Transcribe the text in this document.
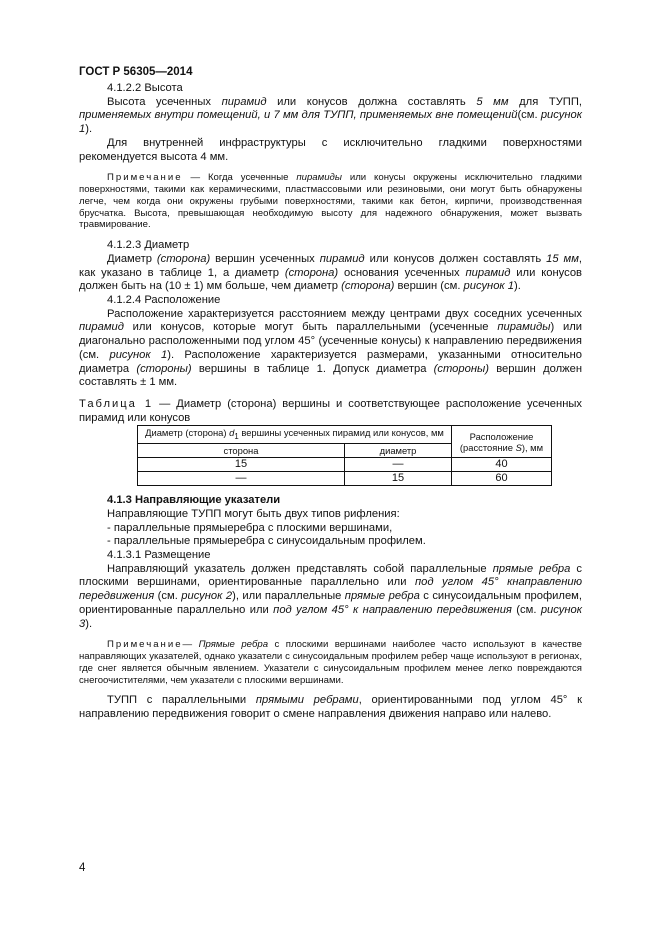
ГОСТ Р 56305—2014

4.1.2.2 Высота

Высота усеченных пирамид или конусов должна составлять 5 мм для ТУПП, применяемых внутри помещений, и 7 мм для ТУПП, применяемых вне помещений(см. рисунок 1).

Для внутренней инфраструктуры с исключительно гладкими поверхностями рекомендуется высота 4 мм.

Примечание — Когда усеченные пирамиды или конусы окружены исключительно гладкими поверхностями, такими как керамическими, пластмассовыми или резиновыми, они могут быть обнаружены легче, чем когда они окружены грубыми поверхностями, такими как бетон, кирпичи, производственная брусчатка. Высота, превышающая необходимую высоту для надежного обнаружения, может вызвать травмирование.

4.1.2.3 Диаметр

Диаметр (сторона) вершин усеченных пирамид или конусов должен составлять 15 мм, как указано в таблице 1, а диаметр (сторона) основания усеченных пирамид или конусов должен быть на (10 ± 1) мм больше, чем диаметр (сторона) вершин (см. рисунок 1).

4.1.2.4 Расположение

Расположение характеризуется расстоянием между центрами двух соседних усеченных пирамид или конусов, которые могут быть параллельными (усеченные пирамиды) или диагонально расположенными под углом 45° (усеченные конусы) к направлению передвижения (см. рисунок 1). Расположение характеризуется размерами, указанными относительно диаметра (стороны) вершины в таблице 1. Допуск диаметра (стороны) вершин должен составлять ± 1 мм.

Таблица 1 — Диаметр (сторона) вершины и соответствующее расположение усеченных пирамид или конусов

Диаметр (сторона) $d_1$ вершины усеченных пирамид или конусов, мм		Расположение (расстояние S), мм
сторона	диаметр	
15	—	40
—	15	60

4.1.3 Направляющие указатели

Направляющие ТУПП могут быть двух типов рифления:

- параллельные прямыеребра с плоскими вершинами,

- параллельные прямыеребра с синусоидальным профилем.

4.1.3.1 Размещение

Направляющий указатель должен представлять собой параллельные прямые ребра с плоскими вершинами, ориентированные параллельно или под углом 45° кнаправлению передвижения (см. рисунок 2), или параллельные прямые ребра с синусоидальным профилем, ориентированные параллельно или под углом 45° к направлению передвижения (см. рисунок 3).

Примечание— Прямые ребра с плоскими вершинами наиболее часто используют в качестве направляющих указателей, однако указатели с синусоидальным профилем ребер чаще используют в регионах, где снег является обычным явлением. Указатели с синусоидальным профилем менее легко повреждаются снегоочистителями, чем указатели с плоскими вершинами.

ТУПП с параллельными прямыми ребрами, ориентированными под углом 45° к направлению передвижения говорит о смене направления движения направо или налево.

4
